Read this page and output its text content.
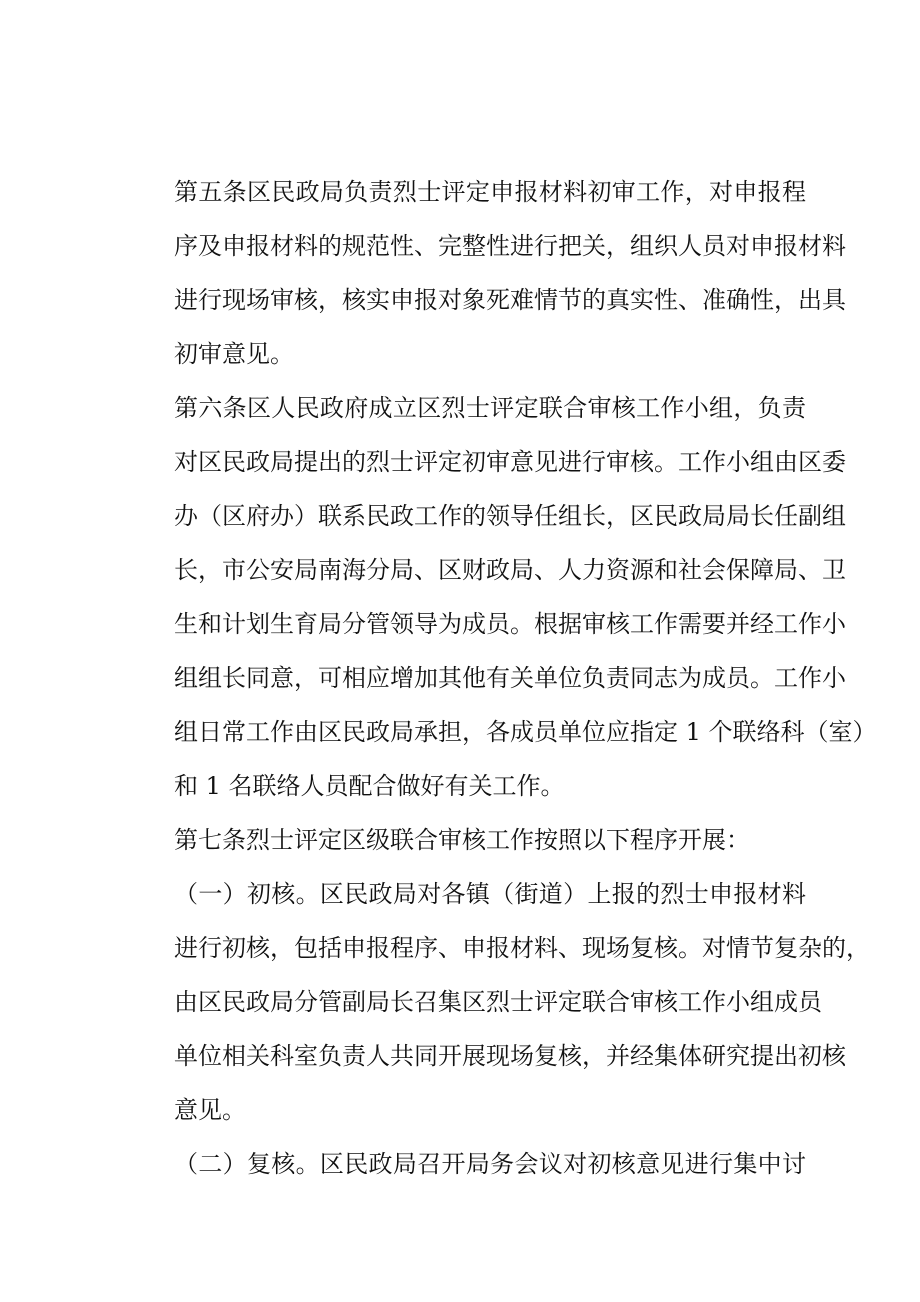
第五条区民政局负责烈士评定申报材料初审工作，对申报程
序及申报材料的规范性、完整性进行把关，组织人员对申报材料
进行现场审核，核实申报对象死难情节的真实性、准确性，出具
初审意见。
第六条区人民政府成立区烈士评定联合审核工作小组，负责
对区民政局提出的烈士评定初审意见进行审核。工作小组由区委
办（区府办）联系民政工作的领导任组长，区民政局局长任副组
长，市公安局南海分局、区财政局、人力资源和社会保障局、卫
生和计划生育局分管领导为成员。根据审核工作需要并经工作小
组组长同意，可相应增加其他有关单位负责同志为成员。工作小
组日常工作由区民政局承担，各成员单位应指定 1 个联络科（室）
和 1 名联络人员配合做好有关工作。
第七条烈士评定区级联合审核工作按照以下程序开展：
（一）初核。区民政局对各镇（街道）上报的烈士申报材料
进行初核，包括申报程序、申报材料、现场复核。对情节复杂的，
由区民政局分管副局长召集区烈士评定联合审核工作小组成员
单位相关科室负责人共同开展现场复核，并经集体研究提出初核
意见。
（二）复核。区民政局召开局务会议对初核意见进行集中讨
